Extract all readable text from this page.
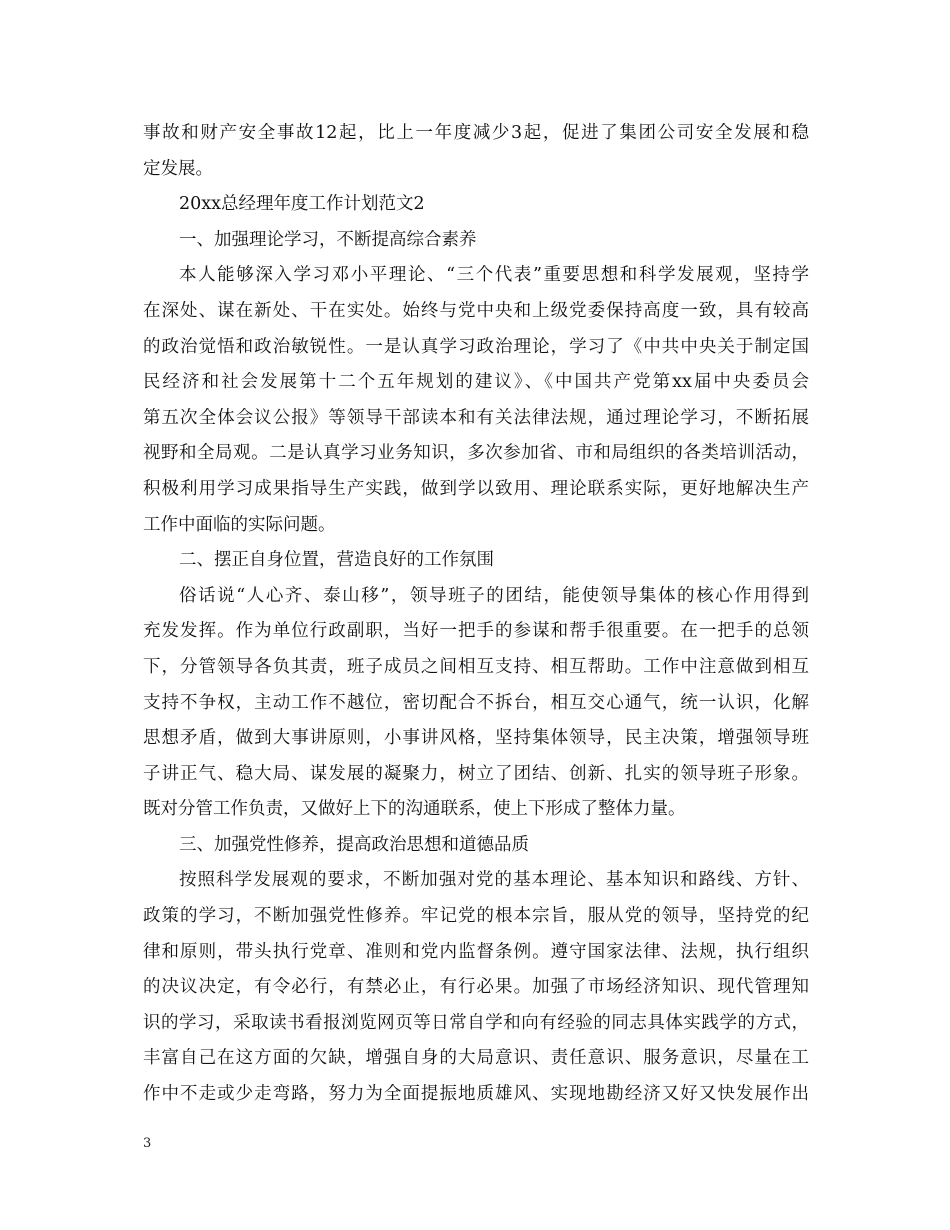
事故和财产安全事故12起，比上一年度减少3起，促进了集团公司安全发展和稳
定发展。
20xx总经理年度工作计划范文2
一、加强理论学习，不断提高综合素养
本人能够深入学习邓小平理论、“三个代表”重要思想和科学发展观，坚持学
在深处、谋在新处、干在实处。始终与党中央和上级党委保持高度一致，具有较高
的政治觉悟和政治敏锐性。一是认真学习政治理论，学习了《中共中央关于制定国
民经济和社会发展第十二个五年规划的建议》、《中国共产党第xx届中央委员会
第五次全体会议公报》等领导干部读本和有关法律法规，通过理论学习，不断拓展
视野和全局观。二是认真学习业务知识，多次参加省、市和局组织的各类培训活动，
积极利用学习成果指导生产实践，做到学以致用、理论联系实际，更好地解决生产
工作中面临的实际问题。
二、摆正自身位置，营造良好的工作氛围
俗话说“人心齐、泰山移”，领导班子的团结，能使领导集体的核心作用得到
充发发挥。作为单位行政副职，当好一把手的参谋和帮手很重要。在一把手的总领
下，分管领导各负其责，班子成员之间相互支持、相互帮助。工作中注意做到相互
支持不争权，主动工作不越位，密切配合不拆台，相互交心通气，统一认识，化解
思想矛盾，做到大事讲原则，小事讲风格，坚持集体领导，民主决策，增强领导班
子讲正气、稳大局、谋发展的凝聚力，树立了团结、创新、扎实的领导班子形象。
既对分管工作负责，又做好上下的沟通联系，使上下形成了整体力量。
三、加强党性修养，提高政治思想和道德品质
按照科学发展观的要求，不断加强对党的基本理论、基本知识和路线、方针、
政策的学习，不断加强党性修养。牢记党的根本宗旨，服从党的领导，坚持党的纪
律和原则，带头执行党章、准则和党内监督条例。遵守国家法律、法规，执行组织
的决议决定，有令必行，有禁必止，有行必果。加强了市场经济知识、现代管理知
识的学习，采取读书看报浏览网页等日常自学和向有经验的同志具体实践学的方式，
丰富自己在这方面的欠缺，增强自身的大局意识、责任意识、服务意识，尽量在工
作中不走或少走弯路，努力为全面提振地质雄风、实现地勘经济又好又快发展作出
3
